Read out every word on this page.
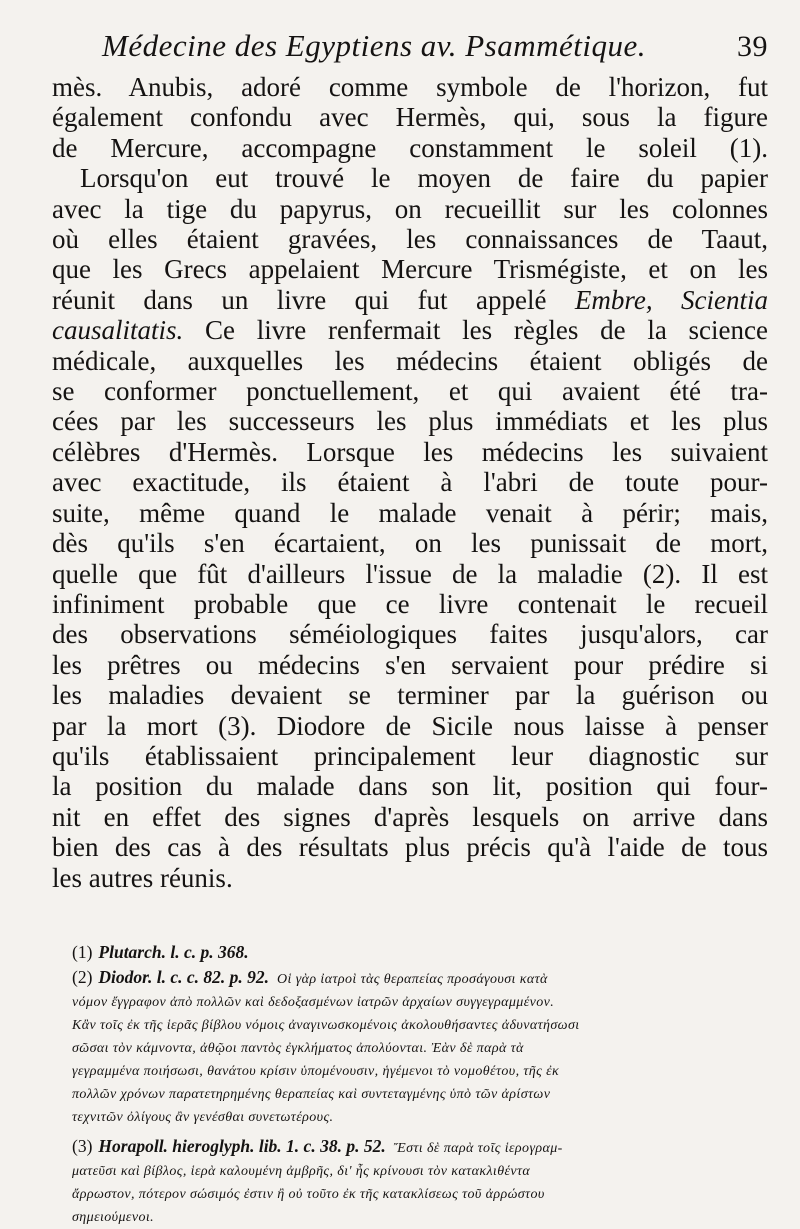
Médecine des Egyptiens av. Psammétique.	39
mès. Anubis, adoré comme symbole de l'horizon, fut
également confondu avec Hermès, qui, sous la figure
de Mercure, accompagne constamment le soleil (1).
Lorsqu'on eut trouvé le moyen de faire du papier
avec la tige du papyrus, on recueillit sur les colonnes
où elles étaient gravées, les connaissances de Taaut,
que les Grecs appelaient Mercure Trismégiste, et on les
réunit dans un livre qui fut appelé Embre, Scientia
causalitatis. Ce livre renfermait les règles de la science
médicale, auxquelles les médecins étaient obligés de
se conformer ponctuellement, et qui avaient été tra-
cées par les successeurs les plus immédiats et les plus
célèbres d'Hermès. Lorsque les médecins les suivaient
avec exactitude, ils étaient à l'abri de toute pour-
suite, même quand le malade venait à périr; mais,
dès qu'ils s'en écartaient, on les punissait de mort,
quelle que fût d'ailleurs l'issue de la maladie (2). Il est
infiniment probable que ce livre contenait le recueil
des observations séméiologiques faites jusqu'alors, car
les prêtres ou médecins s'en servaient pour prédire si
les maladies devaient se terminer par la guérison ou
par la mort (3). Diodore de Sicile nous laisse à penser
qu'ils établissaient principalement leur diagnostic sur
la position du malade dans son lit, position qui four-
nit en effet des signes d'après lesquels on arrive dans
bien des cas à des résultats plus précis qu'à l'aide de tous
les autres réunis.
(1) Plutarch. l. c. p. 368.
(2) Diodor. l. c. c. 82. p. 92. Οἱ γὰρ ἰατροὶ τὰς θεραπείας προσάγουσι κατὰ
νόμον ἔγγραφον ἀπὸ πολλῶν καὶ δεδοξασμένων ἰατρῶν ἀρχαίων συγγεγραμμένον.
Κἂν τοῖς ἐκ τῆς ἱερᾶς βίβλου νόμοις ἀναγινωσκομένοις ἀκολουθήσαντες ἀδυνατήσωσι
σῶσαι τὸν κάμνοντα, ἀθῷοι παντὸς ἐγκλήματος ἀπολύονται. Ἐὰν δὲ παρὰ τὰ
γεγραμμένα ποιήσωσι, θανάτου κρίσιν ὑπομένουσιν, ἡγέμενοι τὸ νομοθέτου, τῆς ἐκ
πολλῶν χρόνων παρατετηρημένης θεραπείας καὶ συντεταγμένης ὑπὸ τῶν ἀρίστων
τεχνιτῶν ὀλίγους ἂν γενέσθαι συνετωτέρους.
(3) Horapoll. hieroglyph. lib. 1. c. 38. p. 52. Ἔστι δὲ παρὰ τοῖς ἱερογραμ-
ματεῦσι καὶ βίβλος, ἱερὰ καλουμένη ἀμβρῆς, δι' ἧς κρίνουσι τὸν κατακλιθέντα
ἄρρωστον, πότερον σώσιμός ἐστιν ἢ οὐ τοῦτο ἐκ τῆς κατακλίσεως τοῦ ἀρρώστου
σημειούμενοι.
